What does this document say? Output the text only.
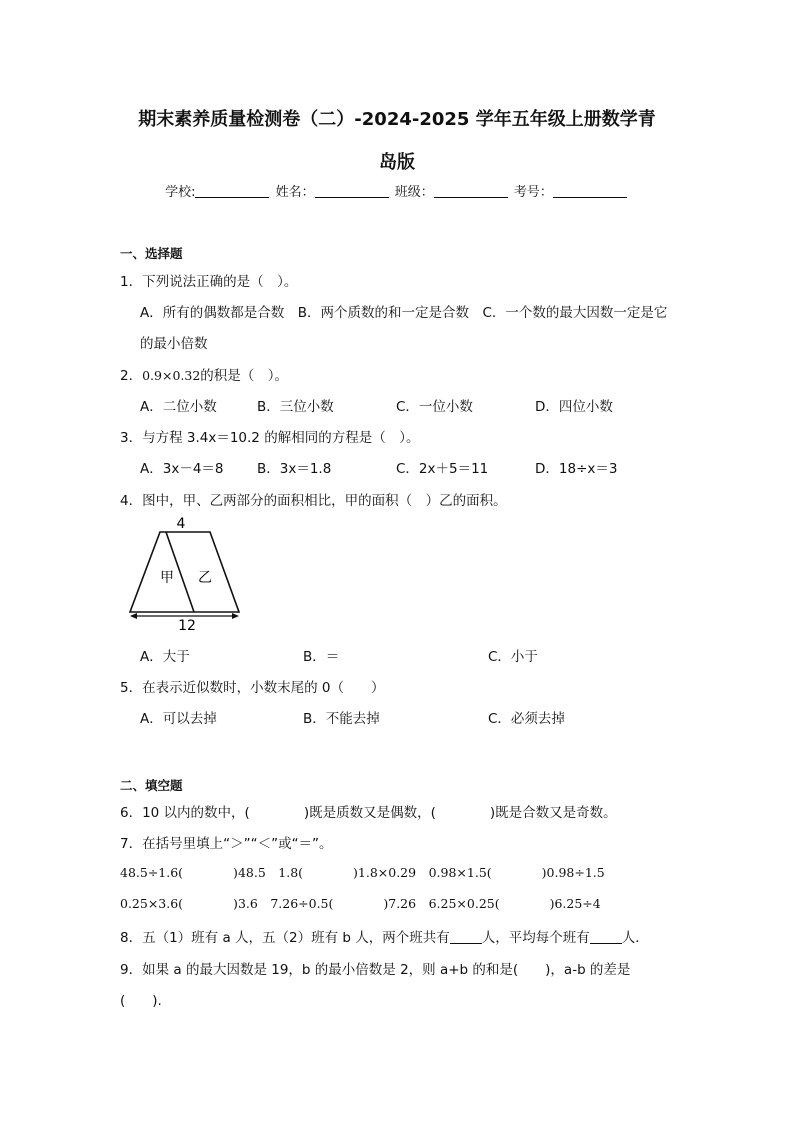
期末素养质量检测卷（二）-2024-2025 学年五年级上册数学青
岛版
学校:	姓名：	班级：	考号：
一、选择题
1．下列说法正确的是（　）。
A．所有的偶数都是合数　B．两个质数的和一定是合数　C．一个数的最大因数一定是它
的最小倍数
2．0.9×0.32的积是（　）。
A．二位小数	B．三位小数	C．一位小数	D．四位小数
3．与方程 3.4x＝10.2 的解相同的方程是（　）。
A．3x－4＝8 B．3x＝1.8	C．2x＋5＝11	D．18÷x＝3
4．图中，甲、乙两部分的面积相比，甲的面积（　）乙的面积。
4
12
甲 乙
A．大于	B．＝	C．小于
5．在表示近似数时，小数末尾的 0（　　）
A．可以去掉	B．不能去掉	C．必须去掉
二、填空题
6．10 以内的数中，(　　　　)既是质数又是偶数，(　　　　)既是合数又是奇数。
7．在括号里填上“＞”“＜”或“＝”。
48.5÷1.6(　　　　)48.5　1.8(　　　　)1.8×0.29　0.98×1.5(　　　　)0.98÷1.5
0.25×3.6(　　　　)3.6　7.26÷0.5(　　　　)7.26　6.25×0.25(　　　　)6.25÷4
8．五（1）班有 a 人，五（2）班有 b 人，两个班共有 人，平均每个班有 人．
9．如果 a 的最大因数是 19，b 的最小倍数是 2，则 a+b 的和是(　　)，a-b 的差是
(　　).
